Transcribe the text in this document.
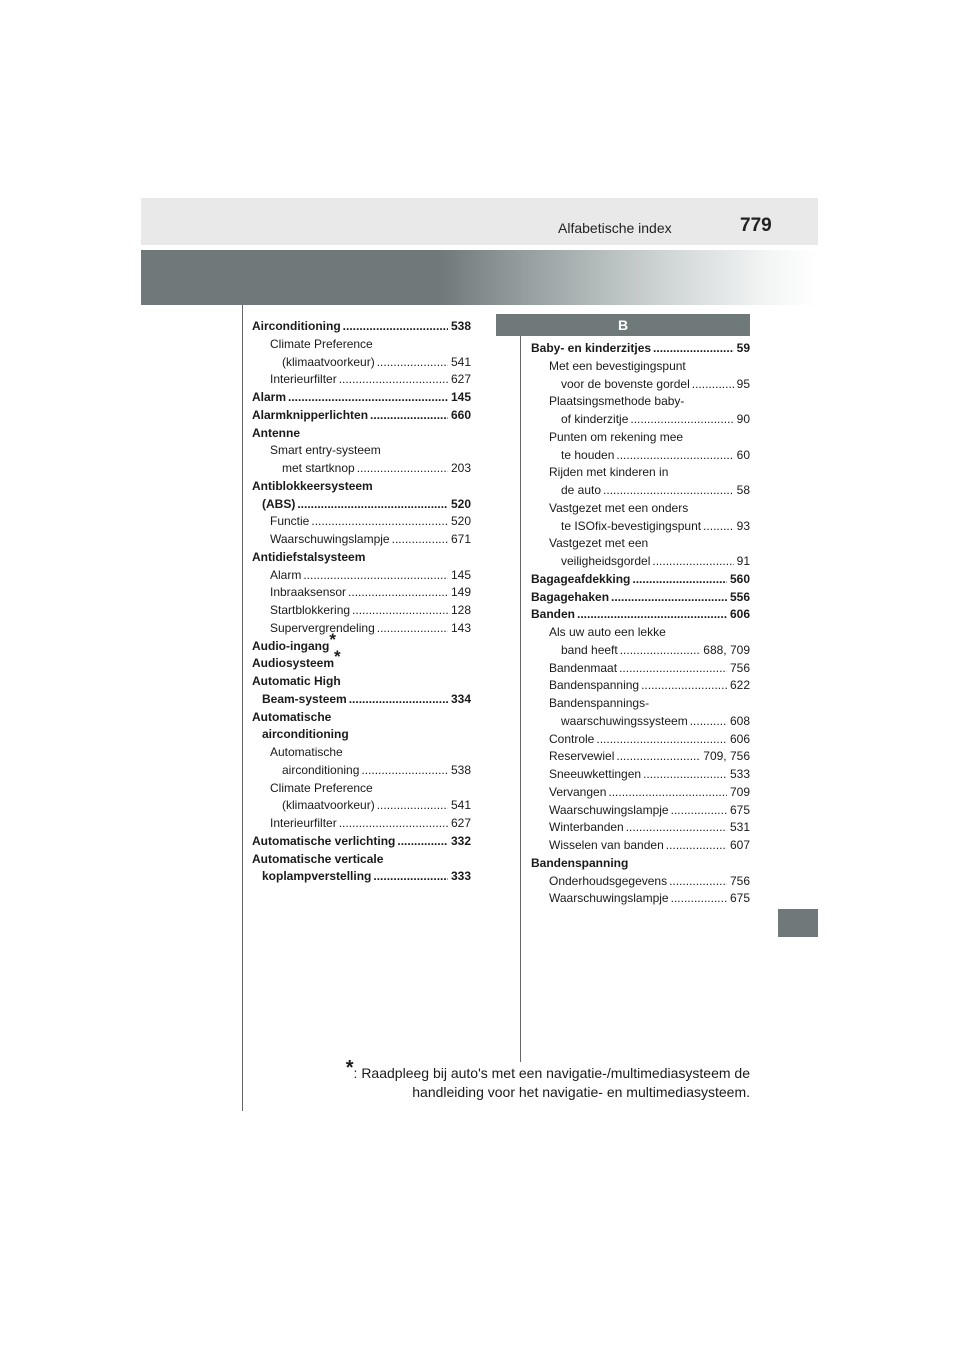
Alfabetische index	779
B
Airconditioning .....	538
Climate Preference
(klimaatvoorkeur) .....	541
Interieurfilter .....	627
Alarm .....	145
Alarmknipperlichten .....	660
Antenne
Smart entry-systeem
met startknop .....	203
Antiblokkeersysteem
(ABS) .....	520
Functie .....	520
Waarschuwingslampje .....	671
Antidiefstalsysteem
Alarm .....	145
Inbraaksensor .....	149
Startblokkering .....	128
Supervergrendeling .....	143
Audio-ingang*
Audiosysteem*
Automatic High
Beam-systeem .....	334
Automatische
airconditioning
Automatische
airconditioning .....	538
Climate Preference
(klimaatvoorkeur) .....	541
Interieurfilter .....	627
Automatische verlichting .....	332
Automatische verticale
koplampverstelling .....	333
Baby- en kinderzitjes .....	59
Met een bevestigingspunt
voor de bovenste gordel .....	95
Plaatsingsmethode baby-
of kinderzitje .....	90
Punten om rekening mee
te houden .....	60
Rijden met kinderen in
de auto .....	58
Vastgezet met een onders
te ISOfix-bevestigingspunt .....	93
Vastgezet met een
veiligheidsgordel .....	91
Bagageafdekking .....	560
Bagagehaken .....	556
Banden .....	606
Als uw auto een lekke
band heeft .....	688, 709
Bandenmaat .....	756
Bandenspanning .....	622
Bandenspannings-
waarschuwingssysteem .....	608
Controle .....	606
Reservewiel .....	709, 756
Sneeuwkettingen .....	533
Vervangen .....	709
Waarschuwingslampje .....	675
Winterbanden .....	531
Wisselen van banden .....	607
Bandenspanning
Onderhoudsgegevens .....	756
Waarschuwingslampje .....	675
*: Raadpleeg bij auto's met een navigatie-/multimediasysteem de
handleiding voor het navigatie- en multimediasysteem.
